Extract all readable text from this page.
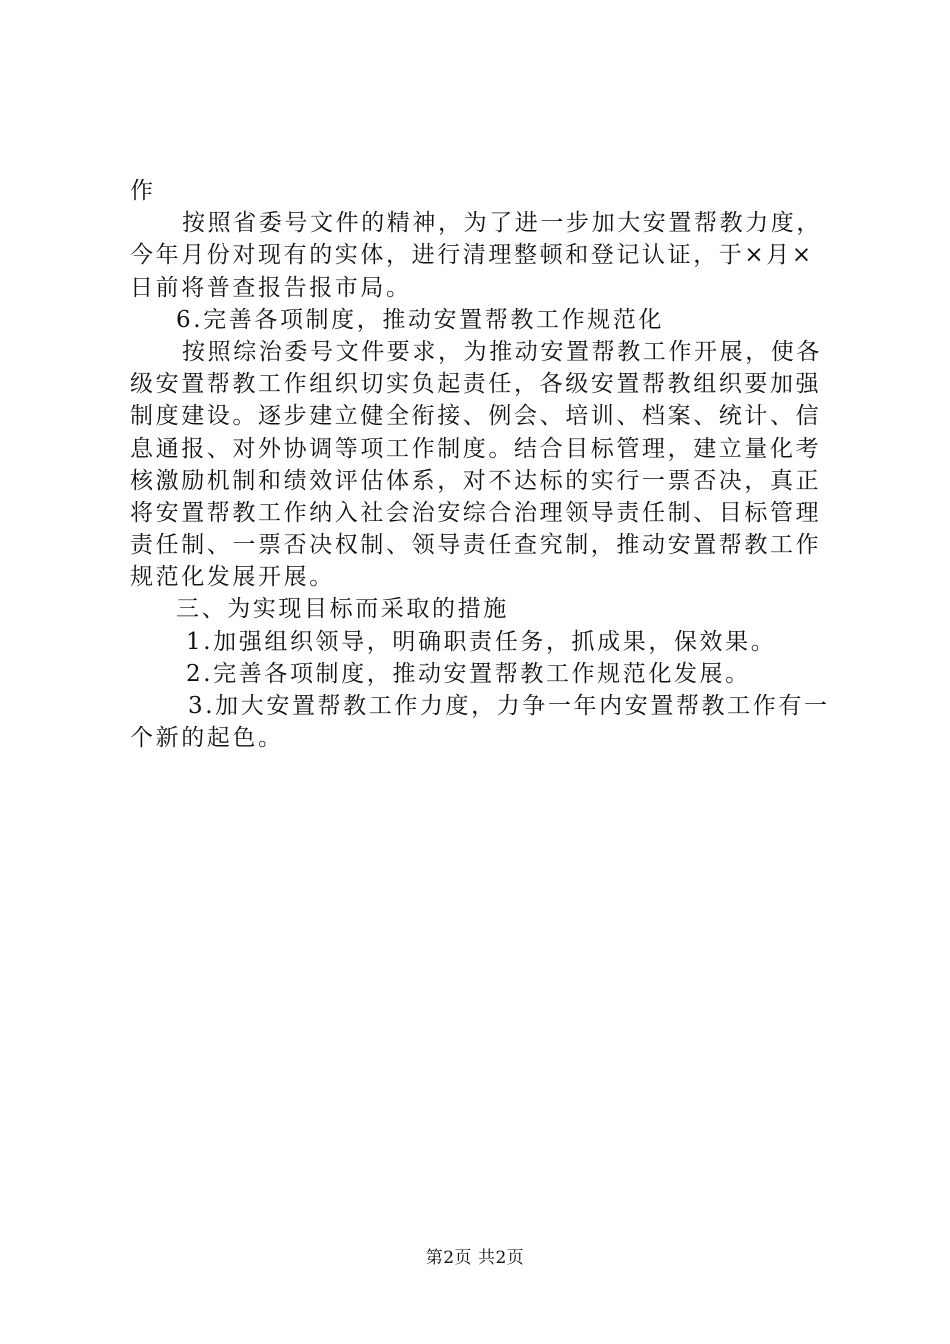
作
按照省委号文件的精神，为了进一步加大安置帮教力度，
今年月份对现有的实体，进行清理整顿和登记认证，于×月×
日前将普查报告报市局。
6.完善各项制度，推动安置帮教工作规范化
按照综治委号文件要求，为推动安置帮教工作开展，使各
级安置帮教工作组织切实负起责任，各级安置帮教组织要加强
制度建设。逐步建立健全衔接、例会、培训、档案、统计、信
息通报、对外协调等项工作制度。结合目标管理，建立量化考
核激励机制和绩效评估体系，对不达标的实行一票否决，真正
将安置帮教工作纳入社会治安综合治理领导责任制、目标管理
责任制、一票否决权制、领导责任查究制，推动安置帮教工作
规范化发展开展。
三、为实现目标而采取的措施
1.加强组织领导，明确职责任务，抓成果，保效果。
2.完善各项制度，推动安置帮教工作规范化发展。
3.加大安置帮教工作力度，力争一年内安置帮教工作有一
个新的起色。
第2页 共2页
